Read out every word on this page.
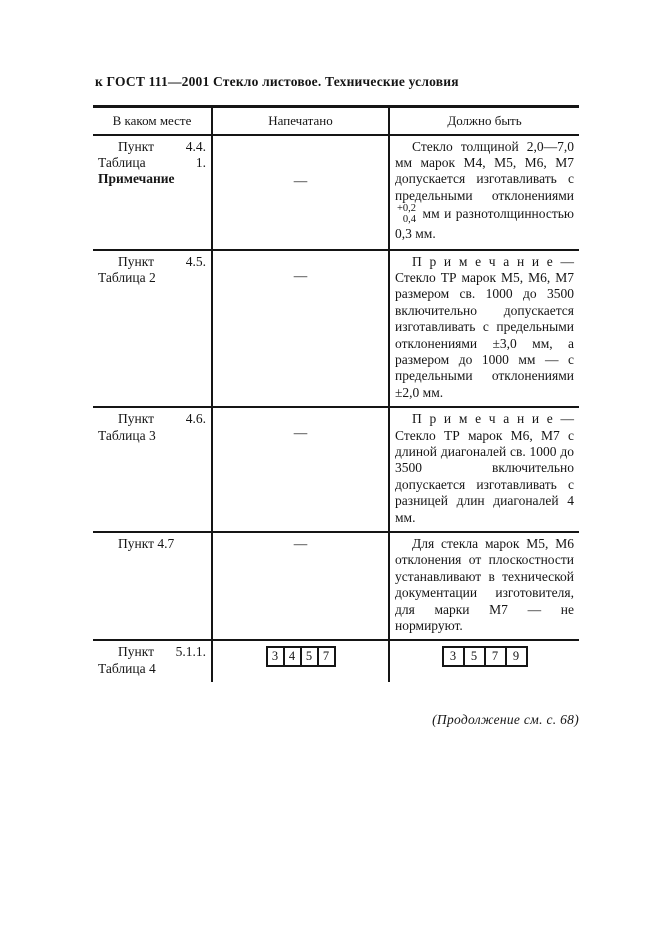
к ГОСТ 111—2001 Стекло листовое. Технические условия
В каком месте	Напечатано	Должно быть

Пункт 4.4. Таблица 1. Примечание	—	Стекло толщиной 2,0—7,0 мм марок М4, М5, М6, М7 допускается изготавливать с предельными отклонениями
+0,2
0,4 мм и разнотолщинностью 0,3 мм.

Пункт 4.5. Таблица 2	—	П р и м е ч а н и е — Стекло ТР марок М5, М6, М7 размером св. 1000 до 3500 включительно допускается изготавливать с предельными отклонениями ±3,0 мм, а размером до 1000 мм — с предельными отклонениями ±2,0 мм.

Пункт 4.6. Таблица 3	—	П р и м е ч а н и е — Стекло ТР марок М6, М7 с длиной диагоналей св. 1000 до 3500 включительно допускается изготавливать с разницей длин диагоналей 4 мм.

Пункт 4.7	—	Для стекла марок М5, М6 отклонения от плоскостности устанавливают в технической документации изготовителя, для марки М7 — не нормируют.

Пункт 5.1.1. Таблица 4	3 4 5 7	3 5 7 9
(Продолжение см. с. 68)
